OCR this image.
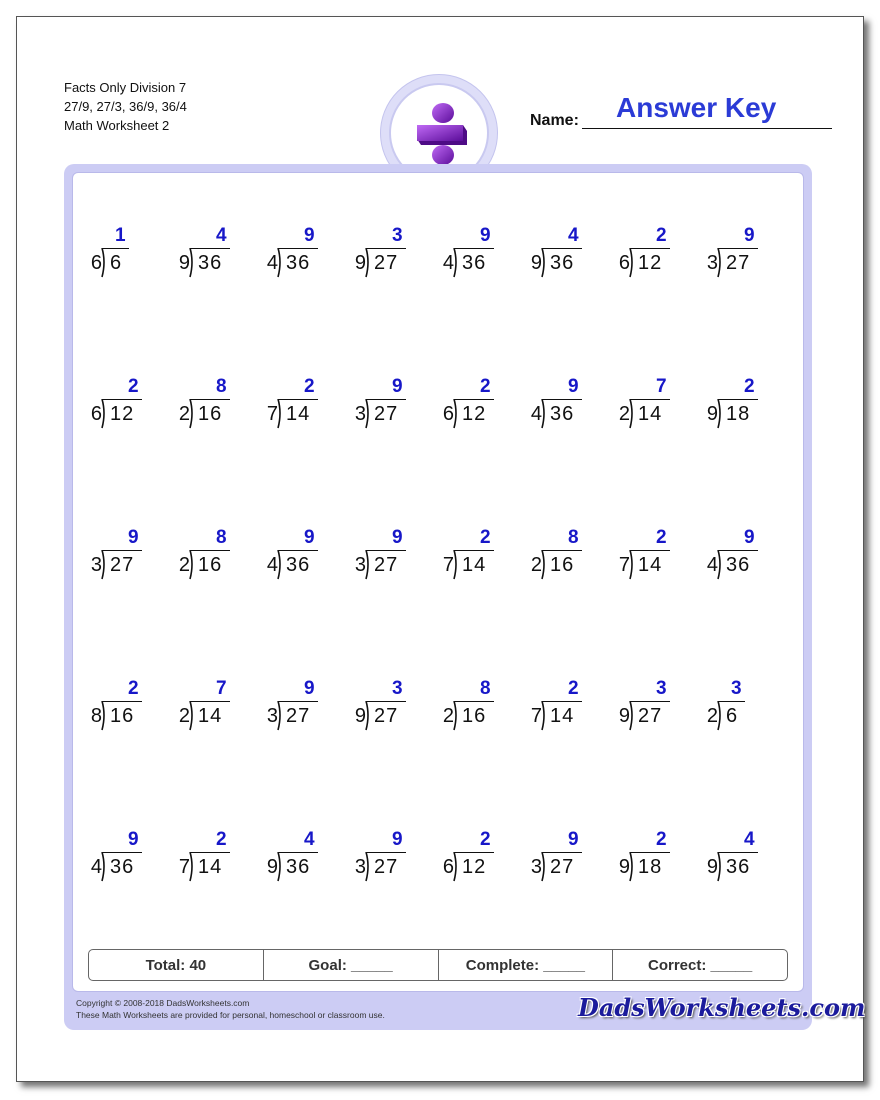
Facts Only Division 7
27/9, 27/3, 36/9, 36/4
Math Worksheet 2	Name: Answer Key
1
6 6
4
9 36
9
4 36
3
9 27
9
4 36
4
9 36
2
6 12
9
3 27
2
6 12
8
2 16
2
7 14
9
3 27
2
6 12
9
4 36
7
2 14
2
9 18
9
3 27
8
2 16
9
4 36
9
3 27
2
7 14
8
2 16
2
7 14
9
4 36
2
8 16
7
2 14
9
3 27
3
9 27
8
2 16
2
7 14
3
9 27
3
2 6
9
4 36
2
7 14
4
9 36
9
3 27
2
6 12
9
3 27
2
9 18
4
9 36
Total: 40	Goal: _____	Complete: _____	Correct: _____
Copyright © 2008-2018 DadsWorksheets.com
These Math Worksheets are provided for personal, homeschool or classroom use.	DadsWorksheets.com
